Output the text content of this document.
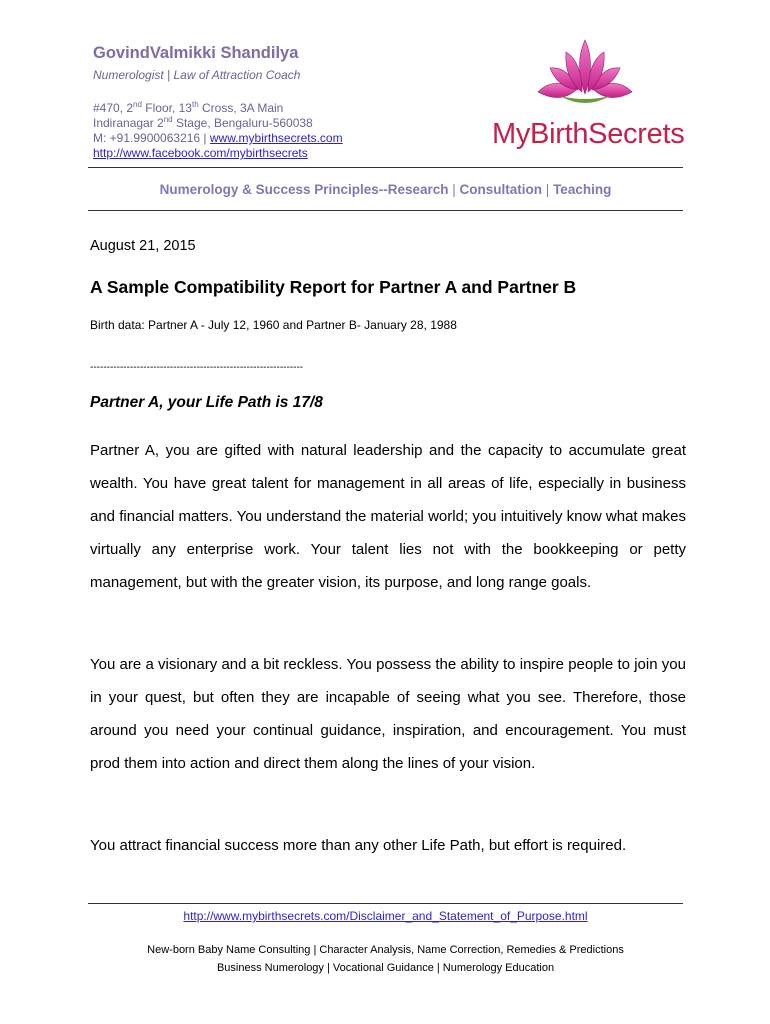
GovindValmikki Shandilya
Numerologist | Law of Attraction Coach
#470, 2nd Floor, 13th Cross, 3A Main
Indiranagar 2nd Stage, Bengaluru-560038
M: +91.9900063216 | www.mybirthsecrets.com
http://www.facebook.com/mybirthsecrets
MyBirthSecrets
Numerology & Success Principles--Research | Consultation | Teaching
August 21, 2015
A Sample Compatibility Report for Partner A and Partner B
Birth data: Partner A - July 12, 1960 and Partner B- January 28, 1988
----------------------------------------------------------------
Partner A, your Life Path is 17/8
Partner A, you are gifted with natural leadership and the capacity to accumulate great wealth. You have great talent for management in all areas of life, especially in business and financial matters. You understand the material world; you intuitively know what makes virtually any enterprise work. Your talent lies not with the bookkeeping or petty management, but with the greater vision, its purpose, and long range goals.
You are a visionary and a bit reckless. You possess the ability to inspire people to join you in your quest, but often they are incapable of seeing what you see. Therefore, those around you need your continual guidance, inspiration, and encouragement. You must prod them into action and direct them along the lines of your vision.
You attract financial success more than any other Life Path, but effort is required.
http://www.mybirthsecrets.com/Disclaimer_and_Statement_of_Purpose.html
New-born Baby Name Consulting | Character Analysis, Name Correction, Remedies & Predictions
Business Numerology | Vocational Guidance | Numerology Education
